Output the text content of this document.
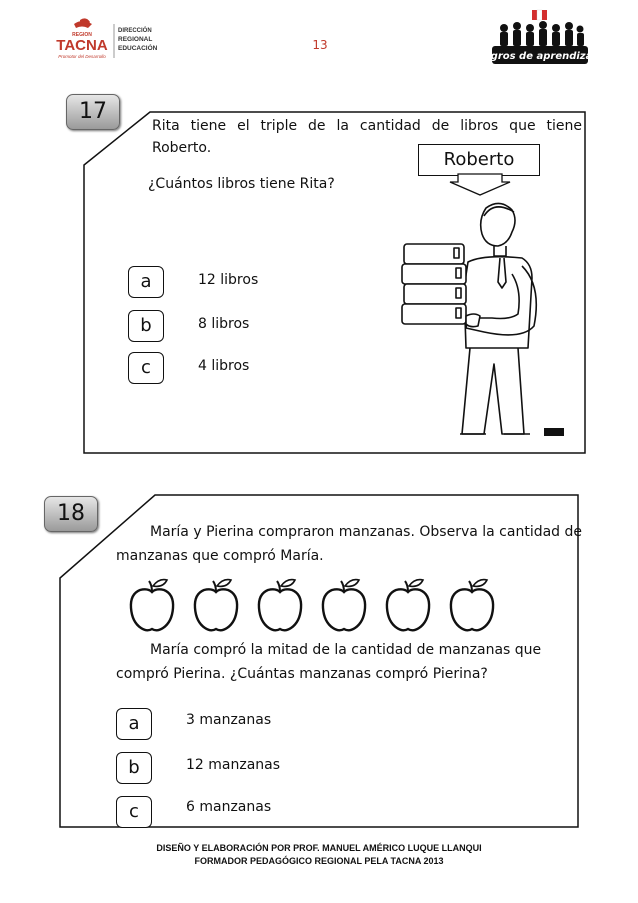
REGION
TACNA
Promotor del Desarrollo
DIRECCIÓN
REGIONAL
EDUCACIÓN	13
Logros de aprendizaje
17
Rita tiene el triple de la cantidad de libros que tiene
Roberto.
¿Cuántos libros tiene Rita?
Roberto
a	12 libros
b	8 libros
c	4 libros
18
María y Pierina compraron manzanas. Observa la cantidad de
manzanas que compró María.
María compró la mitad de la cantidad de manzanas que
compró Pierina. ¿Cuántas manzanas compró Pierina?
a	3 manzanas
b	12 manzanas
c	6 manzanas
DISEÑO Y ELABORACIÓN POR PROF. MANUEL AMÉRICO LUQUE LLANQUI
FORMADOR PEDAGÓGICO REGIONAL PELA TACNA 2013
